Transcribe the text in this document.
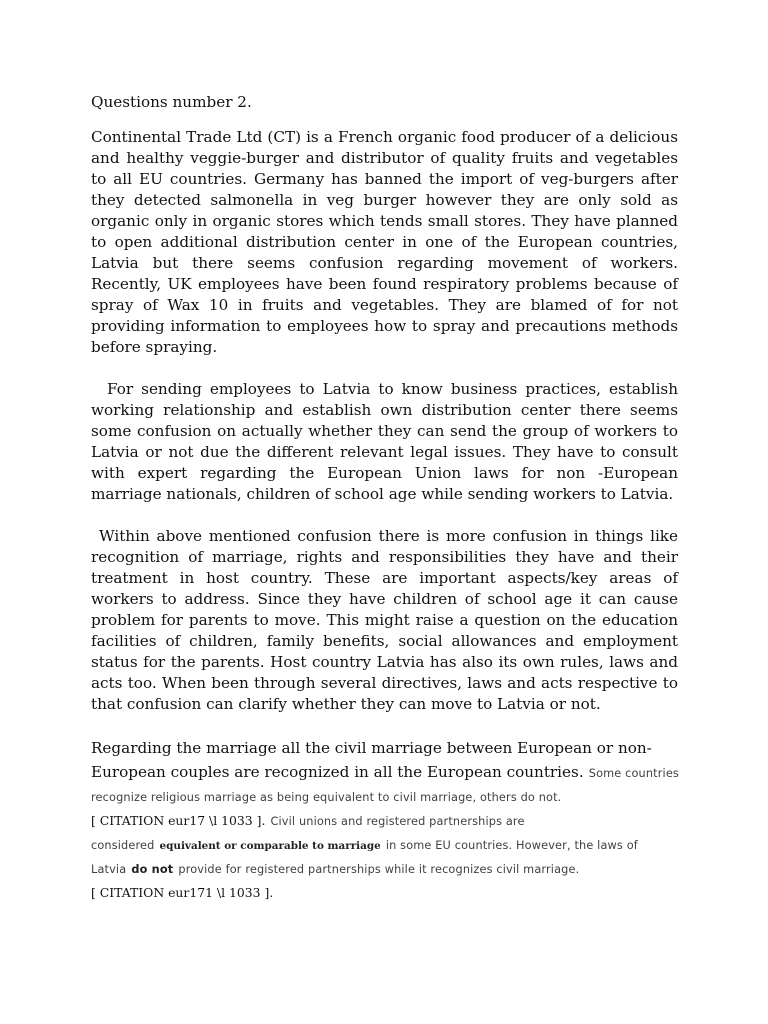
Questions number 2.

Continental Trade Ltd (CT) is a French organic food producer of a delicious and healthy veggie-burger and distributor of quality fruits and vegetables to all EU countries. Germany has banned the import of veg-burgers after they detected salmonella in veg burger however they are only sold as organic only in organic stores which tends small stores. They have planned to open additional distribution center in one of the European countries, Latvia but there seems confusion regarding movement of workers. Recently, UK employees have been found respiratory problems because of spray of Wax 10 in fruits and vegetables. They are blamed of for not providing information to employees how to spray and precautions methods before spraying.

For sending employees to Latvia to know business practices, establish working relationship and establish own distribution center there seems some confusion on actually whether they can send the group of workers to Latvia or not due the different relevant legal issues. They have to consult with expert regarding the European Union laws for non -European marriage nationals, children of school age while sending workers to Latvia.

Within above mentioned confusion there is more confusion in things like recognition of marriage, rights and responsibilities they have and their treatment in host country. These are important aspects/key areas of workers to address. Since they have children of school age it can cause problem for parents to move. This might raise a question on the education facilities of children, family benefits, social allowances and employment status for the parents. Host country Latvia has also its own rules, laws and acts too. When been through several directives, laws and acts respective to that confusion can clarify whether they can move to Latvia or not.

Regarding the marriage all the civil marriage between European or non-
European couples are recognized in all the European countries. Some countries
recognize religious marriage as being equivalent to civil marriage, others do not.
[ CITATION eur17 \l 1033 ]. Civil unions and registered partnerships are
considered equivalent or comparable to marriage in some EU countries. However, the laws of
Latvia do not provide for registered partnerships while it recognizes civil marriage.
[ CITATION eur171 \l 1033 ].
